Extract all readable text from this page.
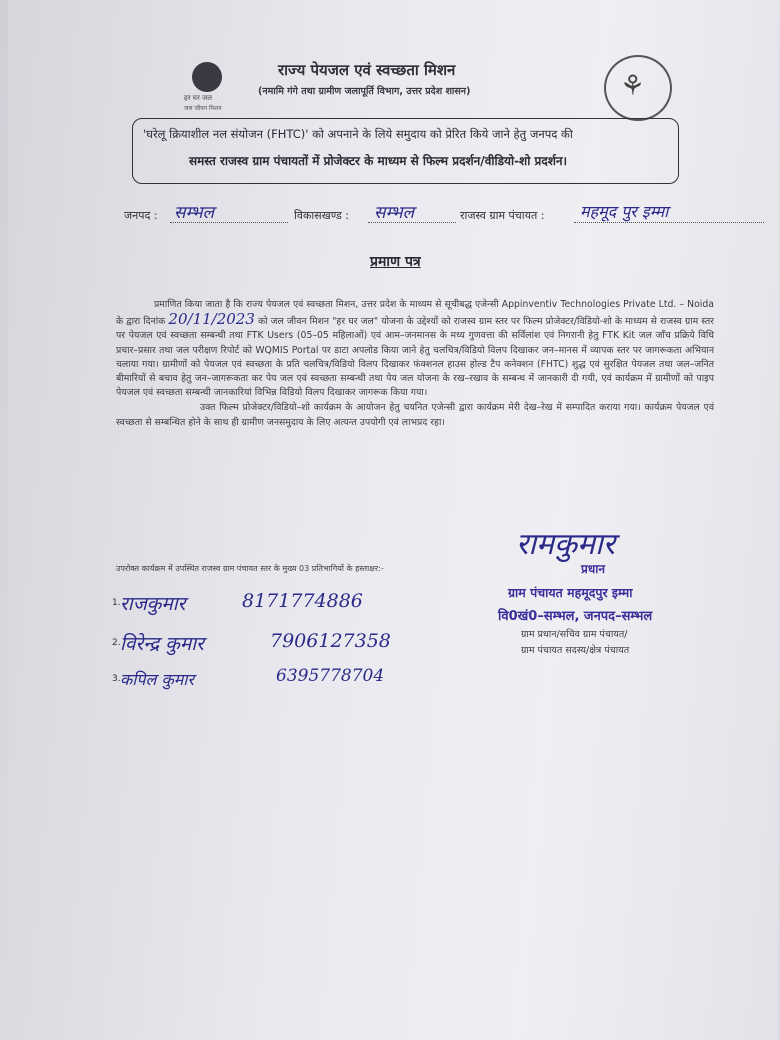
हर घर जल
जल जीवन मिशन
राज्य पेयजल एवं स्वच्छता मिशन
(नमामि गंगे तथा ग्रामीण जलापूर्ति विभाग, उत्तर प्रदेश शासन)	⚘
'घरेलू क्रियाशील नल संयोजन (FHTC)' को अपनाने के लिये समुदाय को प्रेरित किये जाने हेतु जनपद की
समस्त राजस्व ग्राम पंचायतों में प्रोजेक्टर के माध्यम से फिल्म प्रदर्शन/वीडियो-शो प्रदर्शन।
जनपद : सम्भल	विकासखण्ड : सम्भल	राजस्व ग्राम पंचायत : महमूद पुर इम्मा
प्रमाण पत्र

प्रमाणित किया जाता है कि राज्य पेयजल एवं स्वच्छता मिशन, उत्तर प्रदेश के माध्यम से सूचीबद्ध एजेन्सी Appinventiv Technologies Private Ltd. – Noida के द्वारा दिनांक 20/11/2023 को जल जीवन मिशन "हर घर जल" योजना के उद्देश्यों को राजस्व ग्राम स्तर पर फिल्म प्रोजेक्टर/विडियो-शो के माध्यम से राजस्व ग्राम स्तर पर पेयजल एवं स्वच्छता सम्बन्धी तथा FTK Users (05–05 महिलाओं) एवं आम–जनमानस के मध्य गुणवत्ता की सर्विलांश एवं निगरानी हेतु FTK Kit जल जाँच प्रक्रिये विधि प्रचार–प्रसार तथा जल परीक्षण रिपोर्ट को WQMIS Portal पर डाटा अपलोड किया जाने हेतु चलचित्र/विडियो विलप दिखाकर जन–मानस में व्यापक स्तर पर जागरूकता अभियान चलाया गया। ग्रामीणों को पेयजल एवं स्वच्छता के प्रति चलचित्र/विडियो विलप दिखाकर फंक्शनल हाउस होल्ड टैप कनेक्शन (FHTC) शुद्ध एवं सुरक्षित पेयजल तथा जल–जनित बीमारियों से बचाव हेतु जन–जागरूकता कर पेय जल एवं स्वच्छता सम्बन्धी तथा पेय जल योजना के रख–रखाव के सम्बन्ध में जानकारी दी गयी, एवं कार्यक्रम में ग्रामीणों को पाइप पेयजल एवं स्वच्छता सम्बन्धी जानकारियां विभिन्न विडियो विलप दिखाकर जागरूक किया गया।

उक्त फिल्म प्रोजेक्टर/विडियो–शो कार्यक्रम के आयोजन हेतु चयनित एजेन्सी द्वारा कार्यक्रम मेरी देख–रेख में सम्पादित कराया गया। कार्यक्रम पेयजल एवं स्वच्छता से सम्बन्धित होने के साथ ही ग्रामीण जनसमुदाय के लिए अत्यन्त उपयोगी एवं लाभप्रद रहा।

उपरोक्त कार्यक्रम में उपस्थित राजस्व ग्राम पंचायत स्तर के मुख्य 03 प्रतिभागियों के हस्ताक्षर:-
1. राजकुमार	8171774886
2. विरेन्द्र कुमार	7906127358
3. कपिल कुमार	6395778704
रामकुमार
प्रधान
ग्राम पंचायत महमूदपुर इम्मा
वि0खं0–सम्भल, जनपद–सम्भल
ग्राम प्रधान/सचिव ग्राम पंचायत/
ग्राम पंचायत सदस्य/क्षेत्र पंचायत
